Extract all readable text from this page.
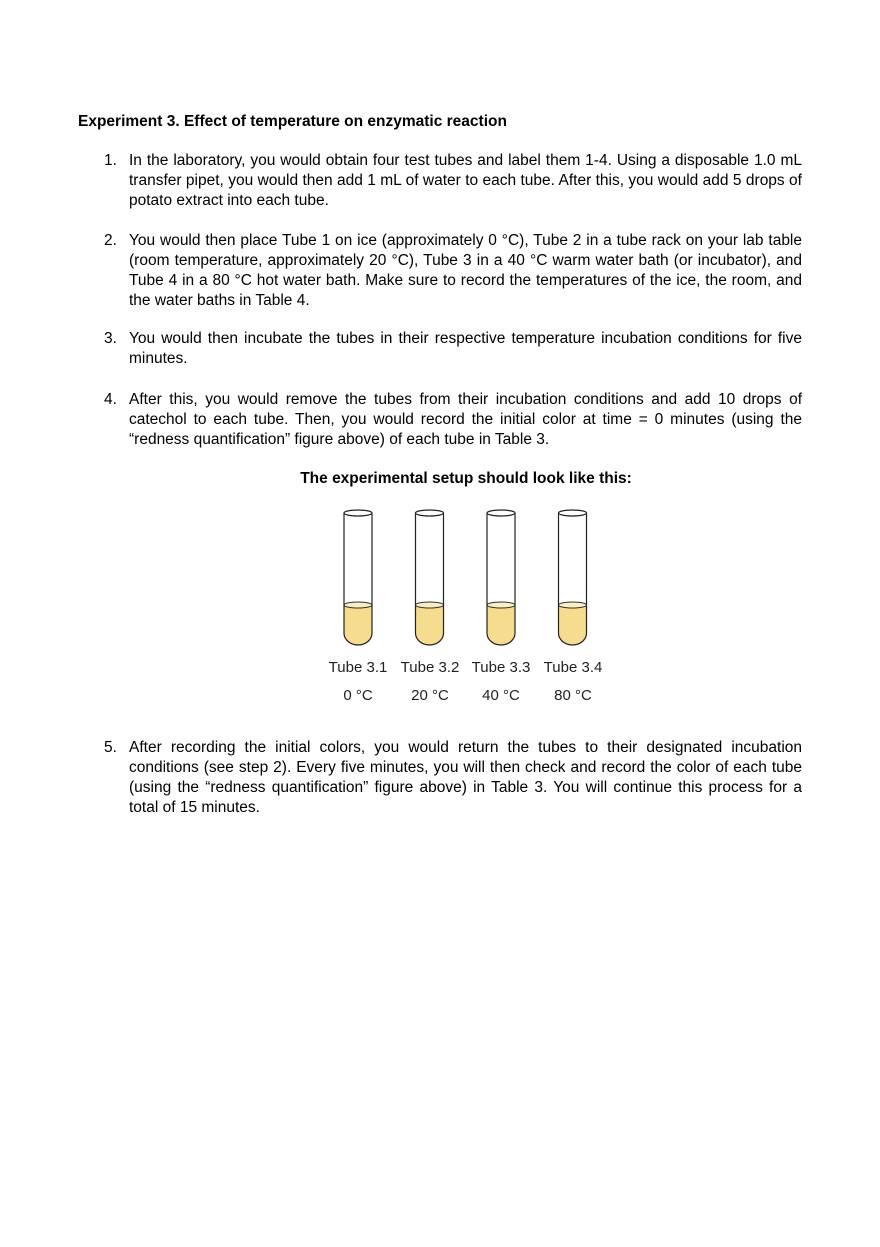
Experiment 3. Effect of temperature on enzymatic reaction
1. In the laboratory, you would obtain four test tubes and label them 1-4. Using a disposable 1.0 mL transfer pipet, you would then add 1 mL of water to each tube. After this, you would add 5 drops of potato extract into each tube.
2. You would then place Tube 1 on ice (approximately 0 °C), Tube 2 in a tube rack on your lab table (room temperature, approximately 20 °C), Tube 3 in a 40 °C warm water bath (or incubator), and Tube 4 in a 80 °C hot water bath. Make sure to record the temperatures of the ice, the room, and the water baths in Table 4.
3. You would then incubate the tubes in their respective temperature incubation conditions for five minutes.
4. After this, you would remove the tubes from their incubation conditions and add 10 drops of catechol to each tube. Then, you would record the initial color at time = 0 minutes (using the “redness quantification” figure above) of each tube in Table 3.
The experimental setup should look like this:
Tube 3.1 Tube 3.2 Tube 3.3 Tube 3.4
0 °C	20 °C	40 °C	80 °C
5. After recording the initial colors, you would return the tubes to their designated incubation conditions (see step 2). Every five minutes, you will then check and record the color of each tube (using the “redness quantification” figure above) in Table 3. You will continue this process for a total of 15 minutes.
